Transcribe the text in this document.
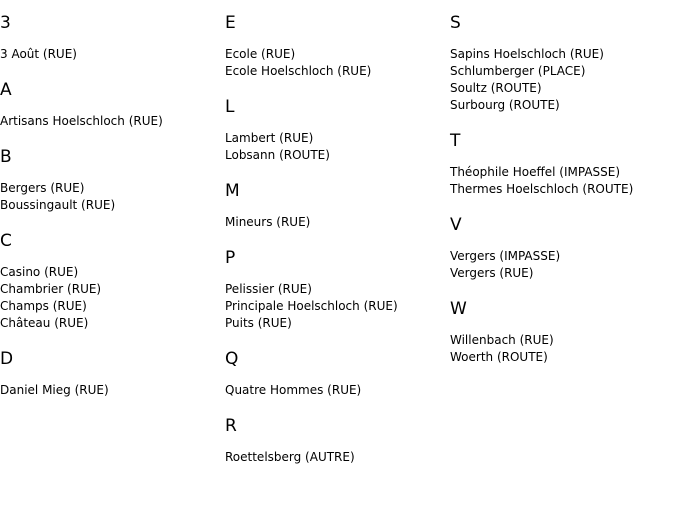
3
3 Août (RUE)
A
Artisans Hoelschloch (RUE)
B
Bergers (RUE)
Boussingault (RUE)
C
Casino (RUE)
Chambrier (RUE)
Champs (RUE)
Château (RUE)
D
Daniel Mieg (RUE)
E
Ecole (RUE)
Ecole Hoelschloch (RUE)
L
Lambert (RUE)
Lobsann (ROUTE)
M
Mineurs (RUE)
P
Pelissier (RUE)
Principale Hoelschloch (RUE)
Puits (RUE)
Q
Quatre Hommes (RUE)
R
Roettelsberg (AUTRE)
S
Sapins Hoelschloch (RUE)
Schlumberger (PLACE)
Soultz (ROUTE)
Surbourg (ROUTE)
T
Théophile Hoeffel (IMPASSE)
Thermes Hoelschloch (ROUTE)
V
Vergers (IMPASSE)
Vergers (RUE)
W
Willenbach (RUE)
Woerth (ROUTE)
